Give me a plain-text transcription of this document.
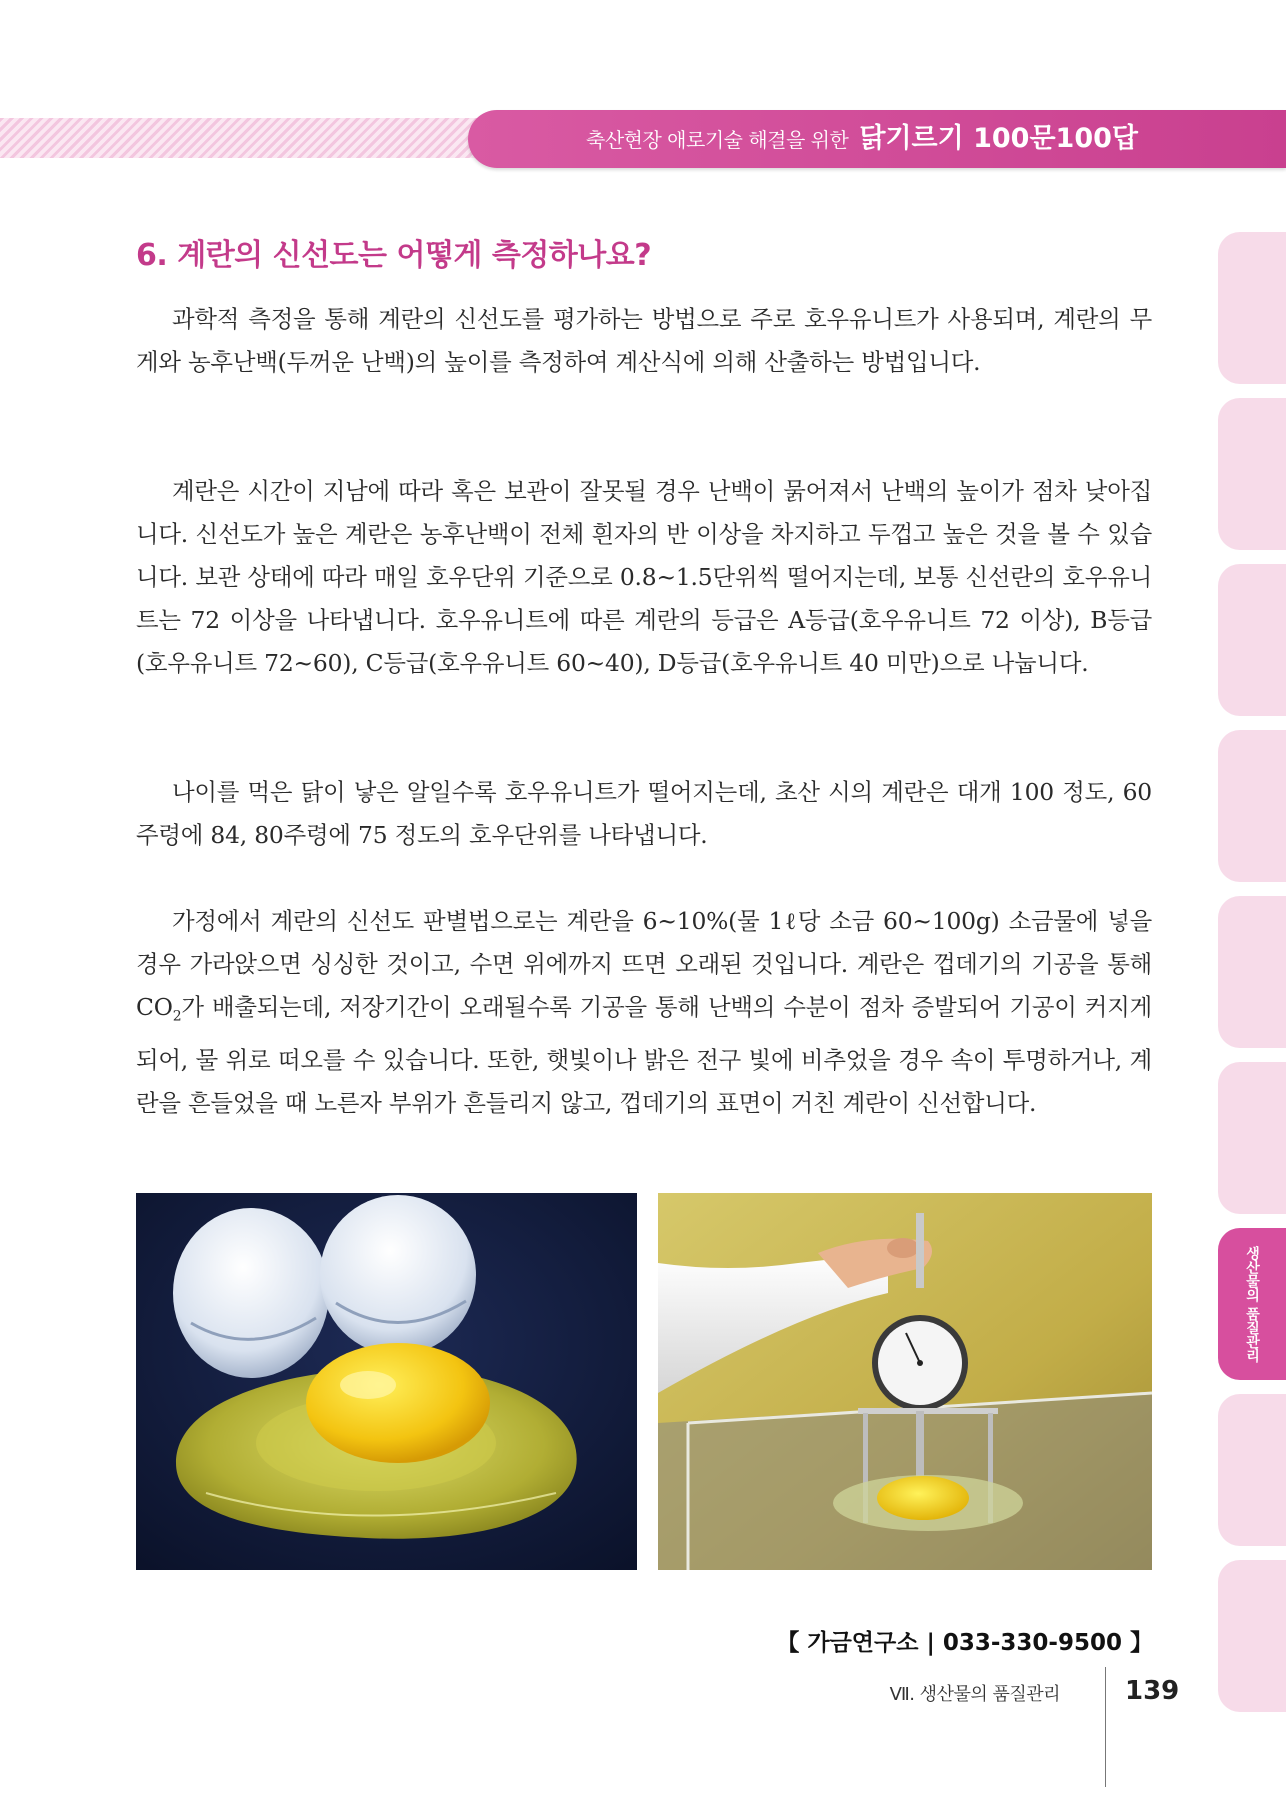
축산현장 애로기술 해결을 위한 닭기르기 100문100답
생산물의 품질관리
6. 계란의 신선도는 어떻게 측정하나요?

과학적 측정을 통해 계란의 신선도를 평가하는 방법으로 주로 호우유니트가 사용되며, 계란의 무게와 농후난백(두꺼운 난백)의 높이를 측정하여 계산식에 의해 산출하는 방법입니다.

계란은 시간이 지남에 따라 혹은 보관이 잘못될 경우 난백이 묽어져서 난백의 높이가 점차 낮아집니다. 신선도가 높은 계란은 농후난백이 전체 흰자의 반 이상을 차지하고 두껍고 높은 것을 볼 수 있습니다. 보관 상태에 따라 매일 호우단위 기준으로 0.8~1.5단위씩 떨어지는데, 보통 신선란의 호우유니트는 72 이상을 나타냅니다. 호우유니트에 따른 계란의 등급은 A등급(호우유니트 72 이상), B등급(호우유니트 72~60), C등급(호우유니트 60~40), D등급(호우유니트 40 미만)으로 나눕니다.

나이를 먹은 닭이 낳은 알일수록 호우유니트가 떨어지는데, 초산 시의 계란은 대개 100 정도, 60주령에 84, 80주령에 75 정도의 호우단위를 나타냅니다.

가정에서 계란의 신선도 판별법으로는 계란을 6~10%(물 1ℓ당 소금 60~100g) 소금물에 넣을 경우 가라앉으면 싱싱한 것이고, 수면 위에까지 뜨면 오래된 것입니다. 계란은 껍데기의 기공을 통해 $CO_2$가 배출되는데, 저장기간이 오래될수록 기공을 통해 난백의 수분이 점차 증발되어 기공이 커지게 되어, 물 위로 떠오를 수 있습니다. 또한, 햇빛이나 밝은 전구 빛에 비추었을 경우 속이 투명하거나, 계란을 흔들었을 때 노른자 부위가 흔들리지 않고, 껍데기의 표면이 거친 계란이 신선합니다.

【 가금연구소 | 033-330-9500 】
Ⅶ. 생산물의 품질관리	139
